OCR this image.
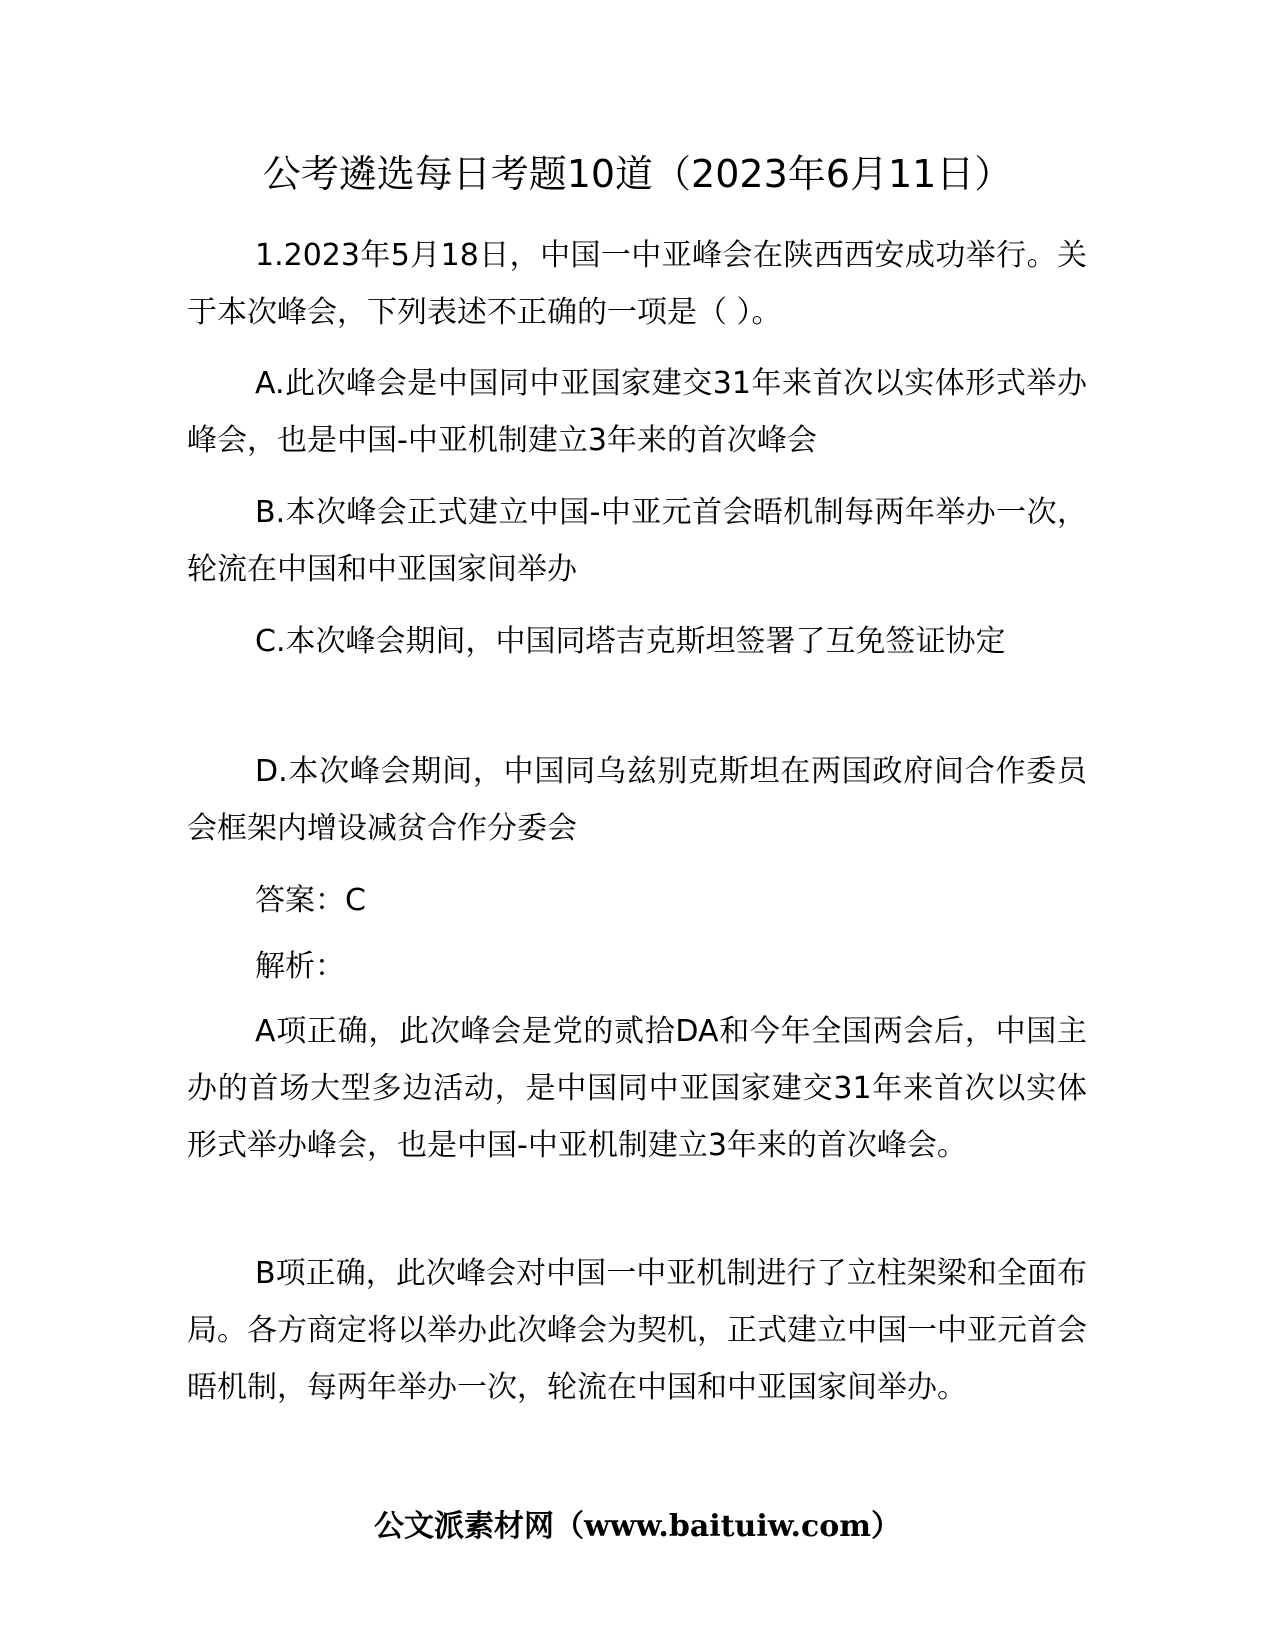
公考遴选每日考题10道（2023年6月11日）

1.2023年5月18日，中国一中亚峰会在陕西西安成功举行。关于本次峰会，下列表述不正确的一项是（ ）。

A.此次峰会是中国同中亚国家建交31年来首次以实体形式举办峰会，也是中国-中亚机制建立3年来的首次峰会

B.本次峰会正式建立中国-中亚元首会晤机制每两年举办一次，轮流在中国和中亚国家间举办

C.本次峰会期间，中国同塔吉克斯坦签署了互免签证协定

D.本次峰会期间，中国同乌兹别克斯坦在两国政府间合作委员会框架内增设减贫合作分委会

答案：C

解析：

A项正确，此次峰会是党的贰拾DA和今年全国两会后，中国主办的首场大型多边活动，是中国同中亚国家建交31年来首次以实体形式举办峰会，也是中国-中亚机制建立3年来的首次峰会。

B项正确，此次峰会对中国一中亚机制进行了立柱架梁和全面布局。各方商定将以举办此次峰会为契机，正式建立中国一中亚元首会晤机制，每两年举办一次，轮流在中国和中亚国家间举办。

公文派素材网（www.baituiw.com）
